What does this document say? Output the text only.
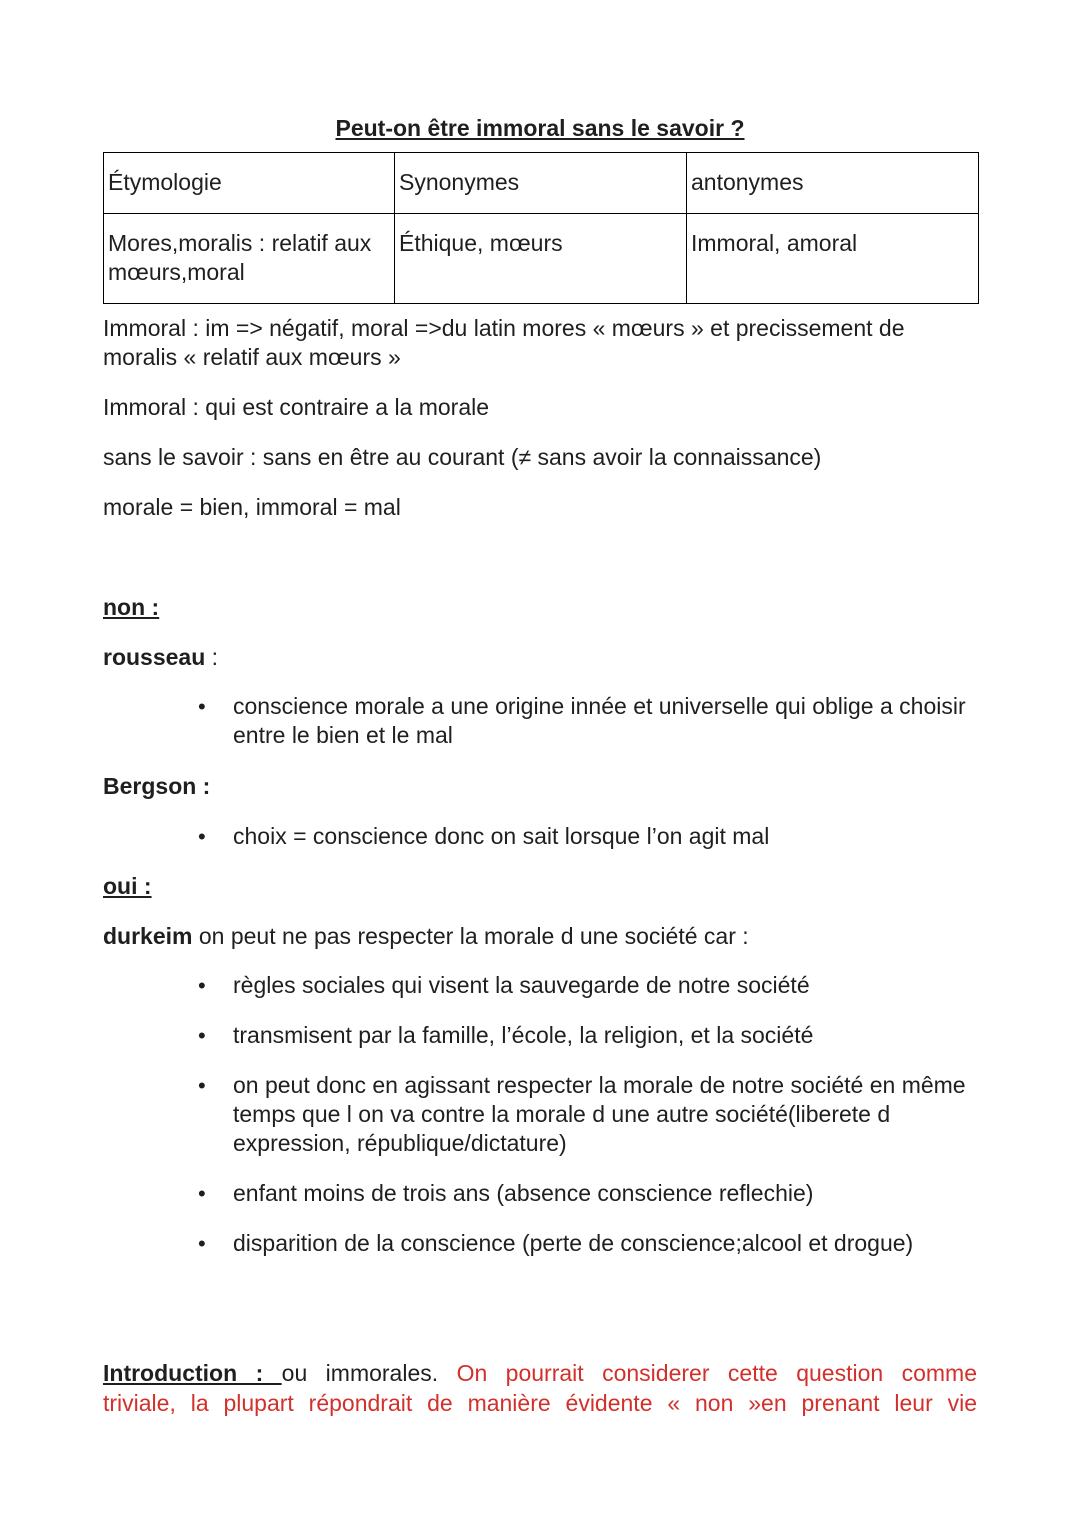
Peut-on être immoral sans le savoir ?
Étymologie	Synonymes	antonymes
Mores,moralis : relatif aux mœurs,moral	Éthique, mœurs	Immoral, amoral

Immoral : im => négatif, moral =>du latin mores « mœurs » et precissement de moralis « relatif aux mœurs »

Immoral : qui est contraire a la morale

sans le savoir : sans en être au courant (≠ sans avoir la connaissance)

morale = bien, immoral = mal

non :

rousseau :

• conscience morale a une origine innée et universelle qui oblige a choisir entre le bien et le mal

Bergson :

• choix = conscience donc on sait lorsque l’on agit mal

oui :

durkeim on peut ne pas respecter la morale d une société car :

• règles sociales qui visent la sauvegarde de notre société
• transmisent par la famille, l’école, la religion, et la société
• on peut donc en agissant respecter la morale de notre société en même temps que l on va contre la morale d une autre société(liberete d expression, république/dictature)
• enfant moins de trois ans (absence conscience reflechie)
• disparition de la conscience (perte de conscience;alcool et drogue)

Introduction : ou immorales. On pourrait considerer cette question comme

triviale, la plupart répondrait de manière évidente « non »en prenant leur vie
